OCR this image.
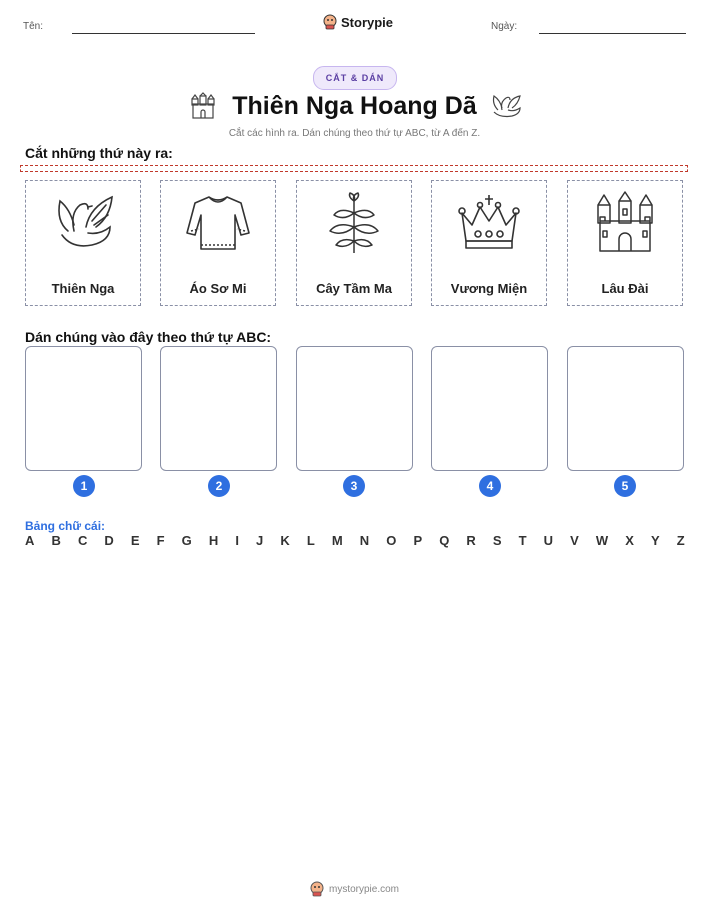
Tên:	Storypie	Ngày:
CẮT & DÁN
Thiên Nga Hoang Dã
Cắt các hình ra. Dán chúng theo thứ tự ABC, từ A đến Z.
Cắt những thứ này ra:
Thiên Nga	Áo Sơ Mi	Cây Tầm Ma	Vương Miện	Lâu Đài
Dán chúng vào đây theo thứ tự ABC:
1	2	3	4	5
Bảng chữ cái:
A B C D E F G H I J K L M N O P Q R S T U V W X Y Z
mystorypie.com
